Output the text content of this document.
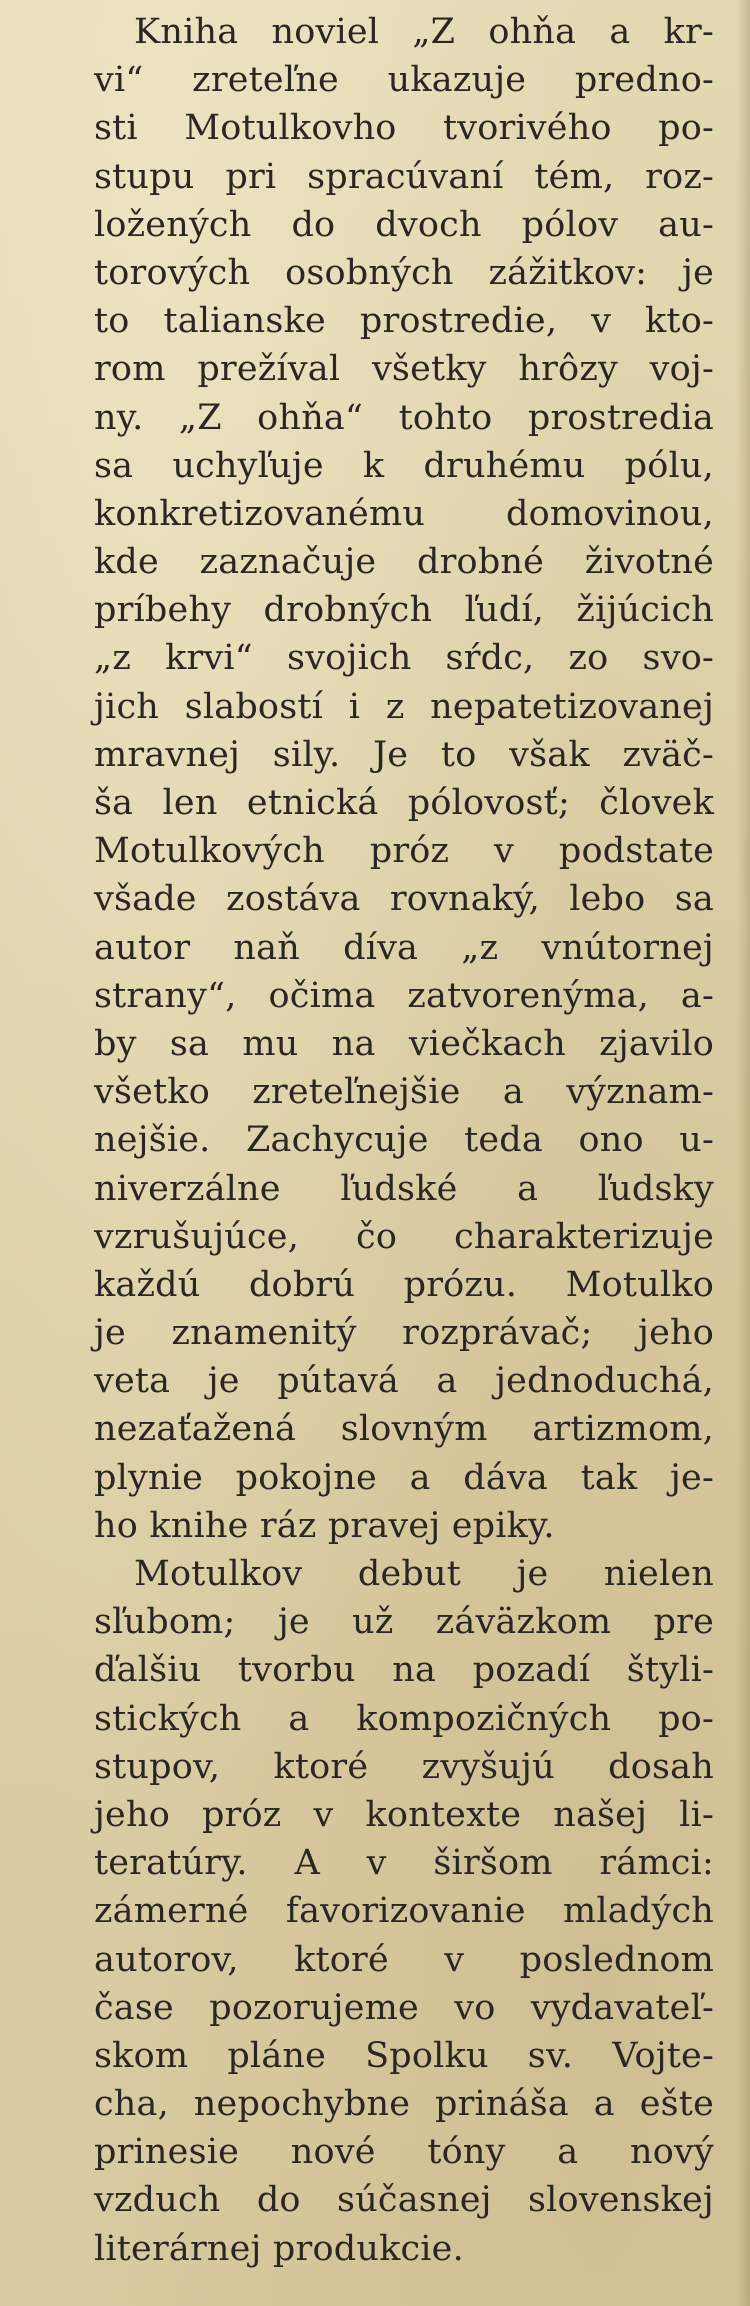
Kniha noviel „Z ohňa a kr-
vi“ zreteľne ukazuje predno-
sti Motulkovho tvorivého po-
stupu pri spracúvaní tém, roz-
ložených do dvoch pólov au-
torových osobných zážitkov: je
to talianske prostredie, v kto-
rom prežíval všetky hrôzy voj-
ny. „Z ohňa“ tohto prostredia
sa uchyľuje k druhému pólu,
konkretizovanému domovinou,
kde zaznačuje drobné životné
príbehy drobných ľudí, žijúcich
„z krvi“ svojich sŕdc, zo svo-
jich slabostí i z nepatetizovanej
mravnej sily. Je to však zväč-
ša len etnická pólovosť; človek
Motulkových próz v podstate
všade zostáva rovnaký, lebo sa
autor naň díva „z vnútornej
strany“, očima zatvorenýma, a-
by sa mu na viečkach zjavilo
všetko zreteľnejšie a význam-
nejšie. Zachycuje teda ono u-
niverzálne ľudské a ľudsky
vzrušujúce, čo charakterizuje
každú dobrú prózu. Motulko
je znamenitý rozprávač; jeho
veta je pútavá a jednoduchá,
nezaťažená slovným artizmom,
plynie pokojne a dáva tak je-
ho knihe ráz pravej epiky.
Motulkov debut je nielen
sľubom; je už záväzkom pre
ďalšiu tvorbu na pozadí štyli-
stických a kompozičných po-
stupov, ktoré zvyšujú dosah
jeho próz v kontexte našej li-
teratúry. A v širšom rámci:
zámerné favorizovanie mladých
autorov, ktoré v poslednom
čase pozorujeme vo vydavateľ-
skom pláne Spolku sv. Vojte-
cha, nepochybne prináša a ešte
prinesie nové tóny a nový
vzduch do súčasnej slovenskej
literárnej produkcie.
